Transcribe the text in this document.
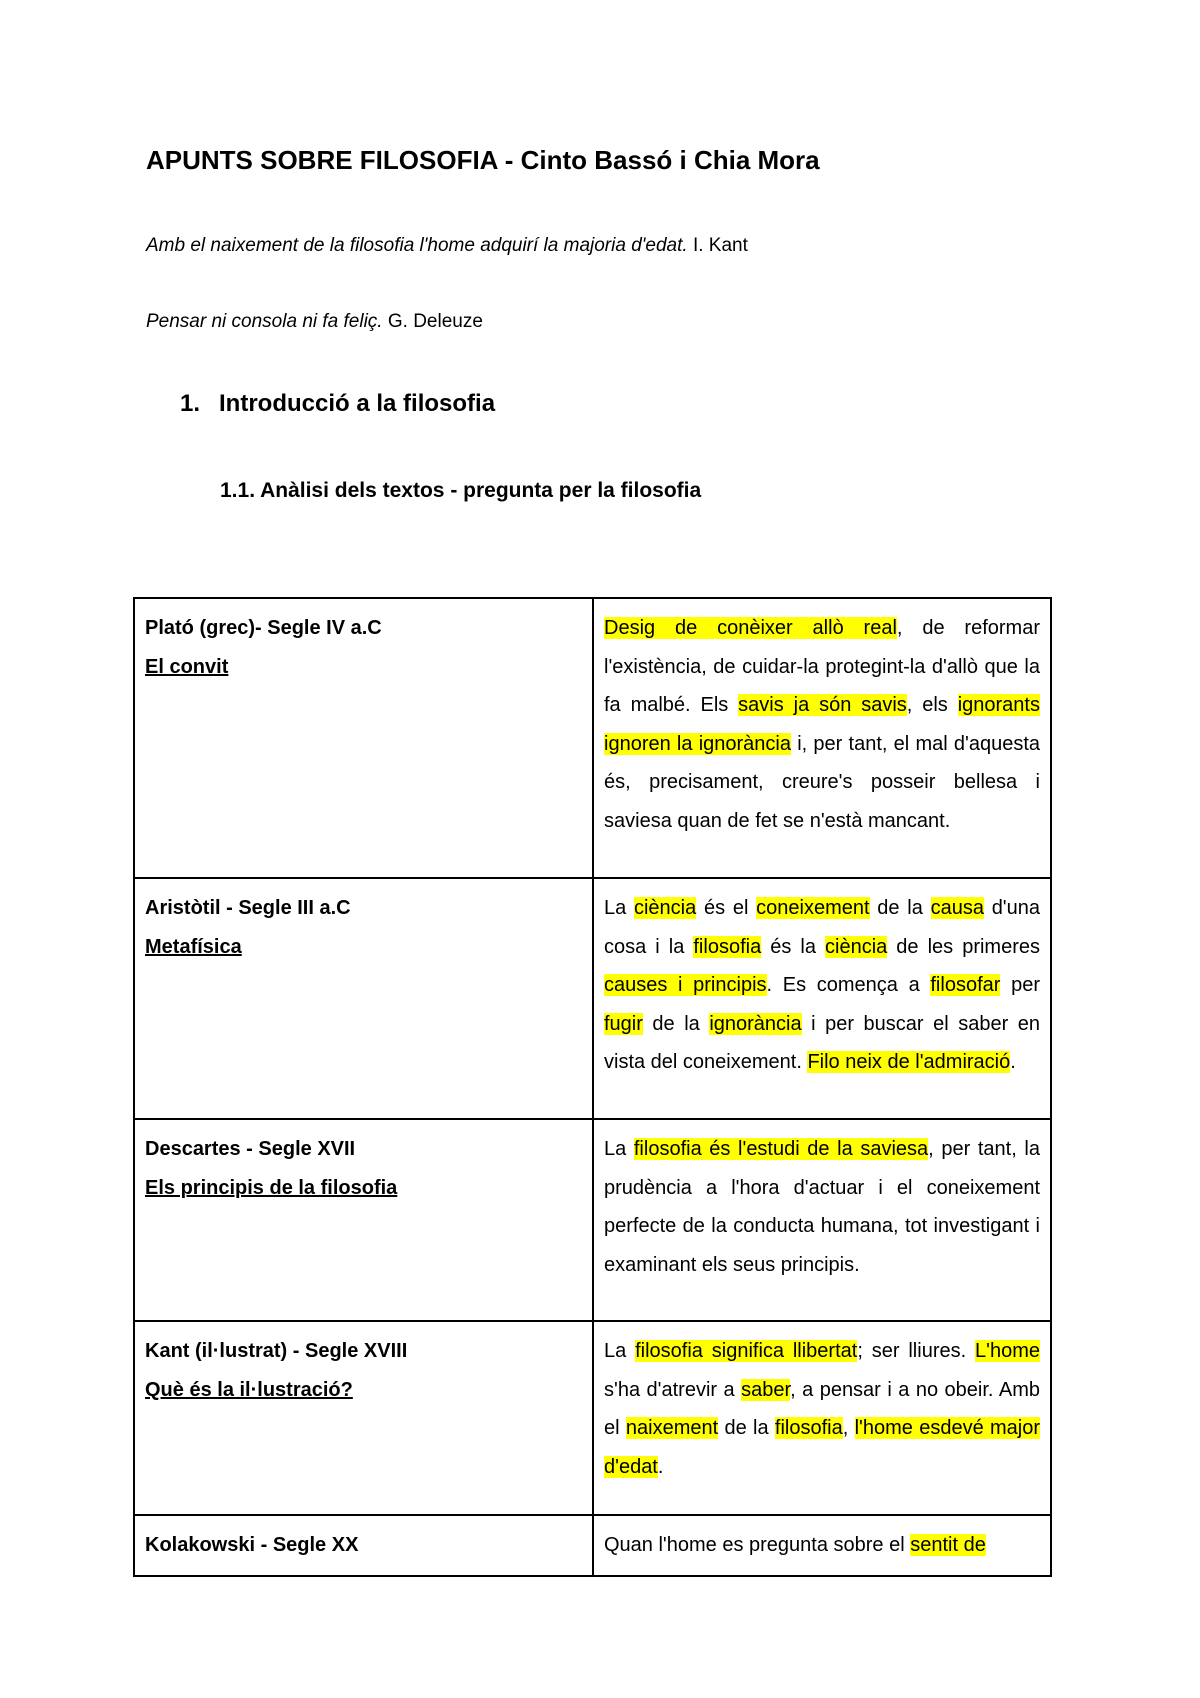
APUNTS SOBRE FILOSOFIA - Cinto Bassó i Chia Mora

Amb el naixement de la filosofia l'home adquirí la majoria d'edat. I. Kant

Pensar ni consola ni fa feliç. G. Deleuze

1. Introducció a la filosofia
1.1. Anàlisi dels textos - pregunta per la filosofia
Plató (grec)- Segle IV a.C
El convit	Desig de conèixer allò real, de reformar l'existència, de cuidar-la protegint-la d'allò que la fa malbé. Els savis ja són savis, els ignorants ignoren la ignorància i, per tant, el mal d'aquesta és, precisament, creure's posseir bellesa i saviesa quan de fet se n'està mancant.

Aristòtil - Segle III a.C
Metafísica	La ciència és el coneixement de la causa d'una cosa i la filosofia és la ciència de les primeres causes i principis. Es comença a filosofar per fugir de la ignorància i per buscar el saber en vista del coneixement. Filo neix de l'admiració.

Descartes - Segle XVII
Els principis de la filosofia	La filosofia és l'estudi de la saviesa, per tant, la prudència a l'hora d'actuar i el coneixement perfecte de la conducta humana, tot investigant i examinant els seus principis.

Kant (il·lustrat) - Segle XVIII
Què és la il·lustració?	La filosofia significa llibertat; ser lliures. L'home s'ha d'atrevir a saber, a pensar i a no obeir. Amb el naixement de la filosofia, l'home esdevé major d'edat.

Kolakowski - Segle XX	Quan l'home es pregunta sobre el sentit de
